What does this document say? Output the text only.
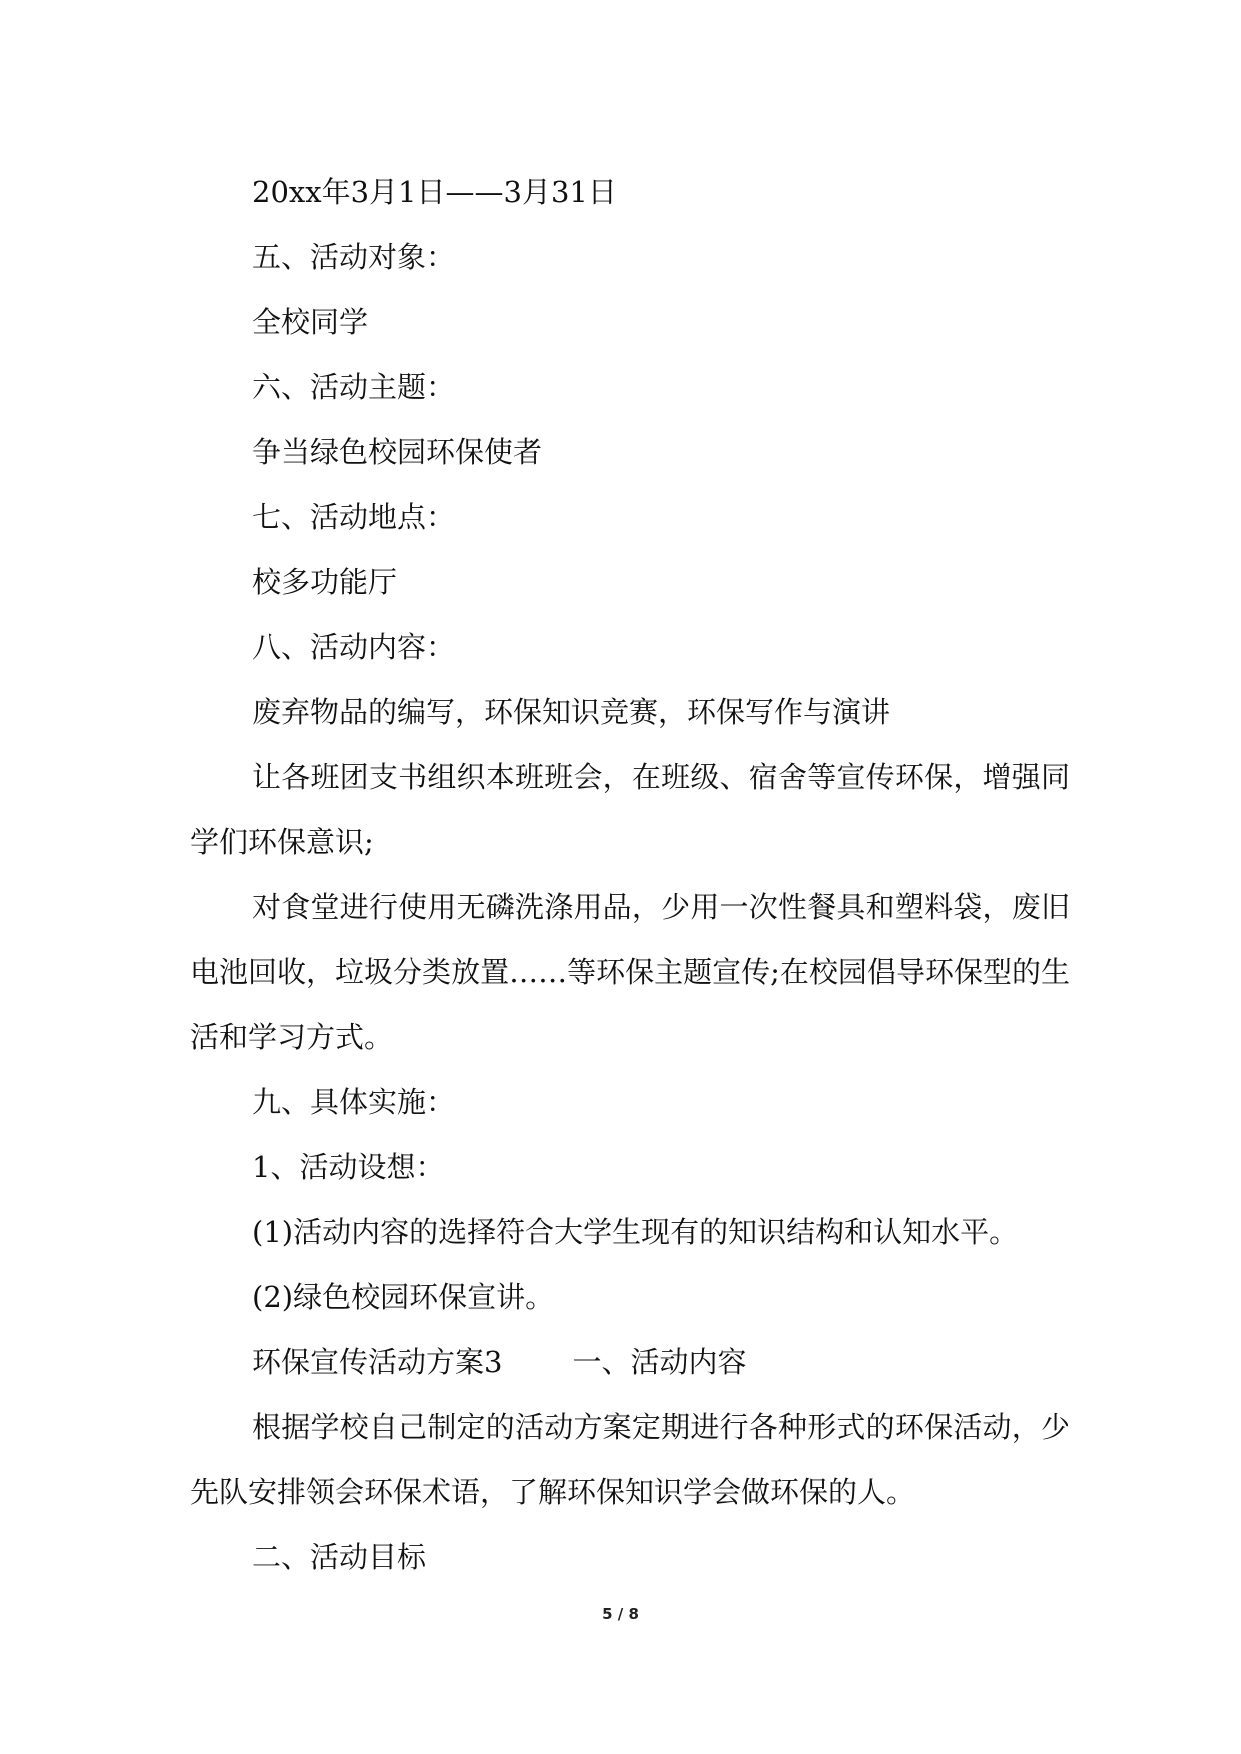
20xx年3月1日——3月31日
五、活动对象：
全校同学
六、活动主题：
争当绿色校园环保使者
七、活动地点：
校多功能厅
八、活动内容：
废弃物品的编写，环保知识竞赛，环保写作与演讲
让各班团支书组织本班班会，在班级、宿舍等宣传环保，增强同学们环保意识;
对食堂进行使用无磷洗涤用品，少用一次性餐具和塑料袋，废旧电池回收，垃圾分类放置……等环保主题宣传;在校园倡导环保型的生活和学习方式。
九、具体实施：
1、活动设想：
(1)活动内容的选择符合大学生现有的知识结构和认知水平。
(2)绿色校园环保宣讲。
环保宣传活动方案3 一、活动内容
根据学校自己制定的活动方案定期进行各种形式的环保活动，少先队安排领会环保术语，了解环保知识学会做环保的人。
二、活动目标
5 / 8
